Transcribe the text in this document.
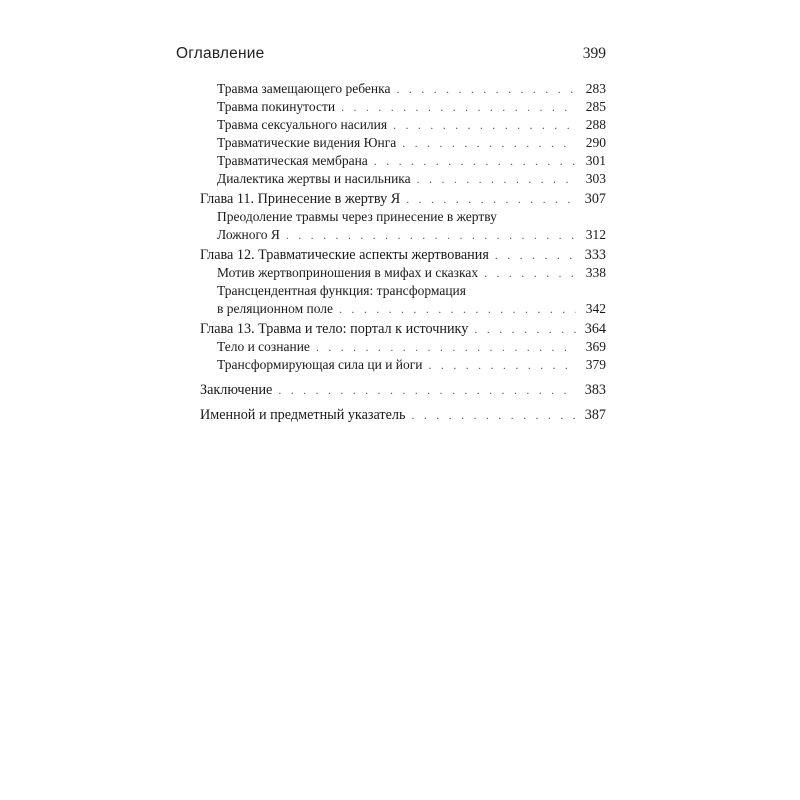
Оглавление	399
Травма замещающего ребенка . . .	283
Травма покинутости . . .	285
Травма сексуального насилия . . .	288
Травматические видения Юнга . . .	290
Травматическая мембрана . . .	301
Диалектика жертвы и насильника . . .	303
Глава 11. Принесение в жертву Я . . .	307
Преодоление травмы через принесение в жертву
Ложного Я . . .	312
Глава 12. Травматические аспекты жертвования . . .	333
Мотив жертвоприношения в мифах и сказках . . .	338
Трансцендентная функция: трансформация
в реляционном поле . . .	342
Глава 13. Травма и тело: портал к источнику . . .	364
Тело и сознание . . .	369
Трансформирующая сила ци и йоги . . .	379
Заключение . . .	383
Именной и предметный указатель . . .	387
